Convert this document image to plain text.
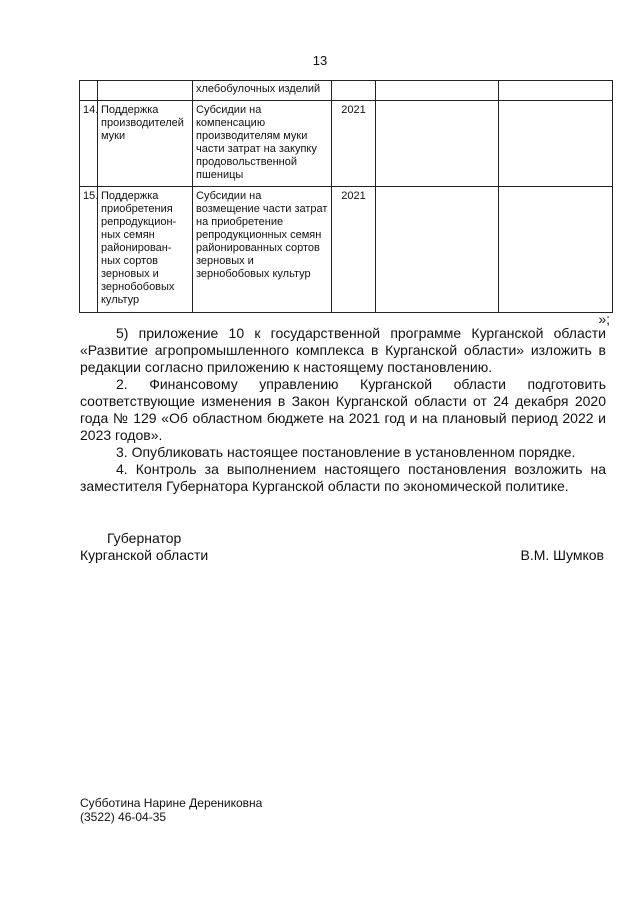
13
		хлебобулочных изделий			
14.	Поддержка производителей муки	Субсидии на компенсацию производителям муки части затрат на закупку продовольственной пшеницы	2021		
15.	Поддержка приобретения репродукцион-ных семян районирован-ных сортов зерновых и зернобобовых культур	Субсидии на возмещение части затрат на приобретение репродукционных семян районированных сортов зерновых и зернобобовых культур	2021		
»;

5) приложение 10 к государственной программе Курганской области «Развитие агропромышленного комплекса в Курганской области» изложить в редакции согласно приложению к настоящему постановлению.

2. Финансовому управлению Курганской области подготовить соответствующие изменения в Закон Курганской области от 24 декабря 2020 года № 129 «Об областном бюджете на 2021 год и на плановый период 2022 и 2023 годов».

3. Опубликовать настоящее постановление в установленном порядке.

4. Контроль за выполнением настоящего постановления возложить на заместителя Губернатора Курганской области по экономической политике.

Губернатор
Курганской области	В.М. Шумков
Субботина Нарине Дерениковна
(3522) 46-04-35
